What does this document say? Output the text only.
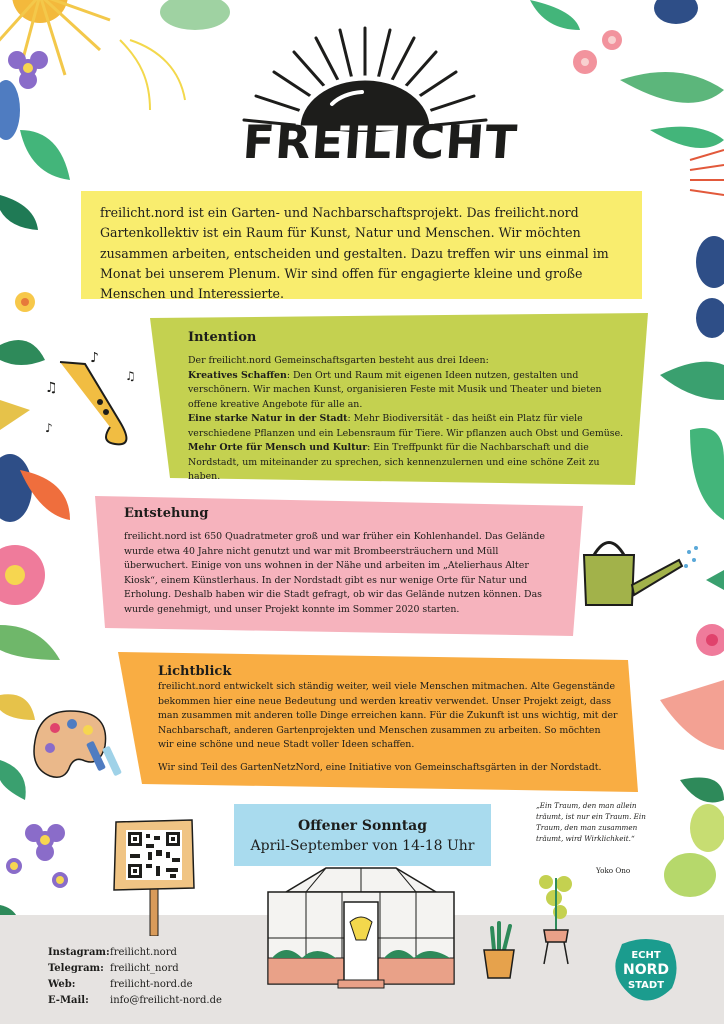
FREILICHT
freilicht.nord ist ein Garten- und Nachbarschaftsprojekt. Das freilicht.nord Gartenkollektiv ist ein Raum für Kunst, Natur und Menschen. Wir möchten zusammen arbeiten, entscheiden und gestalten. Dazu treffen wir uns einmal im Monat bei unserem Plenum. Wir sind offen für engagierte kleine und große Menschen und Interessierte.
Intention
Der freilicht.nord Gemeinschaftsgarten besteht aus drei Ideen:
Kreatives Schaffen: Den Ort und Raum mit eigenen Ideen nutzen, gestalten und verschönern. Wir machen Kunst, organisieren Feste mit Musik und Theater und bieten offene kreative Angebote für alle an.
Eine starke Natur in der Stadt: Mehr Biodiversität - das heißt ein Platz für viele verschiedene Pflanzen und ein Lebensraum für Tiere. Wir pflanzen auch Obst und Gemüse.
Mehr Orte für Mensch und Kultur: Ein Treffpunkt für die Nachbarschaft und die Nordstadt, um miteinander zu sprechen, sich kennenzulernen und eine schöne Zeit zu haben.
♪
♫
♪
♫
Entstehung
freilicht.nord ist 650 Quadratmeter groß und war früher ein Kohlenhandel. Das Gelände wurde etwa 40 Jahre nicht genutzt und war mit Brombeersträuchern und Müll überwuchert. Einige von uns wohnen in der Nähe und arbeiten im „Atelierhaus Alter Kiosk“, einem Künstlerhaus. In der Nordstadt gibt es nur wenige Orte für Natur und Erholung. Deshalb haben wir die Stadt gefragt, ob wir das Gelände nutzen können. Das wurde genehmigt, und unser Projekt konnte im Sommer 2020 starten.
Lichtblick
freilicht.nord entwickelt sich ständig weiter, weil viele Menschen mitmachen. Alte Gegenstände bekommen hier eine neue Bedeutung und werden kreativ verwendet. Unser Projekt zeigt, dass man zusammen mit anderen tolle Dinge erreichen kann. Für die Zukunft ist uns wichtig, mit der Nachbarschaft, anderen Gartenprojekten und Menschen zusammen zu arbeiten. So möchten wir eine schöne und neue Stadt voller Ideen schaffen.
Wir sind Teil des GartenNetzNord, eine Initiative von Gemeinschaftsgärten in der Nordstadt.
Offener Sonntag
April-September von 14-18 Uhr
„Ein Traum, den man allein träumt, ist nur ein Traum. Ein Traum, den man zusammen träumt, wird Wirklichkeit.“
Yoko Ono
ECHT
NORD
STADT
Instagram:freilicht.nord
Telegram: freilicht_nord
Web:	freilicht-nord.de
E-Mail: info@freilicht-nord.de
